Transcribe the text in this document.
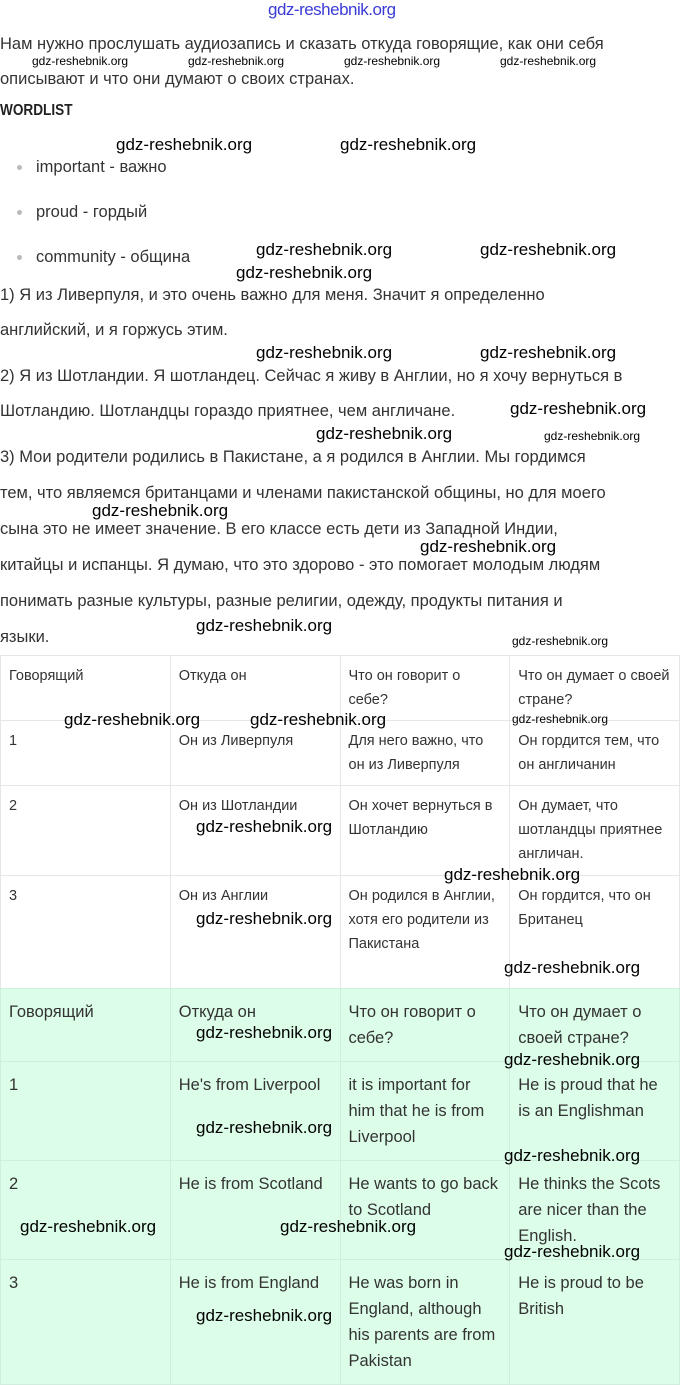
gdz-reshebnik.org
Нам нужно прослушать аудиозапись и сказать откуда говорящие, как они себя
описывают и что они думают о своих странах.
WORDLIST
important - важно
proud - гордый
community - община
1) Я из Ливерпуля, и это очень важно для меня. Значит я определенно
английский, и я горжусь этим.
2) Я из Шотландии. Я шотландец. Сейчас я живу в Англии, но я хочу вернуться в
Шотландию. Шотландцы гораздо приятнее, чем англичане.
3) Мои родители родились в Пакистане, а я родился в Англии. Мы гордимся
тем, что являемся британцами и членами пакистанской общины, но для моего
сына это не имеет значение. В его классе есть дети из Западной Индии,
китайцы и испанцы. Я думаю, что это здорово - это помогает молодым людям
понимать разные культуры, разные религии, одежду, продукты питания и
языки.
Говорящий	Откуда он	Что он говорит о себе?	Что он думает о своей стране?
1	Он из Ливерпуля	Для него важно, что он из Ливерпуля	Он гордится тем, что он англичанин
2	Он из Шотландии	Он хочет вернуться в Шотландию	Он думает, что шотландцы приятнее англичан.
3	Он из Англии	Он родился в Англии, хотя его родители из Пакистана	Он гордится, что он Британец
Говорящий	Откуда он	Что он говорит о себе?	Что он думает о своей стране?
1	He's from Liverpool	it is important for him that he is from Liverpool	He is proud that he is an Englishman
2	He is from Scotland	He wants to go back to Scotland	He thinks the Scots are nicer than the English.
3	He is from England	He was born in England, although his parents are from Pakistan	He is proud to be British
gdz-reshebnik.org	gdz-reshebnik.org	gdz-reshebnik.org	gdz-reshebnik.org
gdz-reshebnik.org	gdz-reshebnik.org
gdz-reshebnik.org	gdz-reshebnik.org
gdz-reshebnik.org
gdz-reshebnik.org	gdz-reshebnik.org
gdz-reshebnik.org
gdz-reshebnik.org	gdz-reshebnik.org
gdz-reshebnik.org
gdz-reshebnik.org
gdz-reshebnik.org
gdz-reshebnik.org
gdz-reshebnik.org	gdz-reshebnik.org	gdz-reshebnik.org
gdz-reshebnik.org
gdz-reshebnik.org
gdz-reshebnik.org
gdz-reshebnik.org
gdz-reshebnik.org
gdz-reshebnik.org
gdz-reshebnik.org
gdz-reshebnik.org
gdz-reshebnik.org	gdz-reshebnik.org
gdz-reshebnik.org
gdz-reshebnik.org
